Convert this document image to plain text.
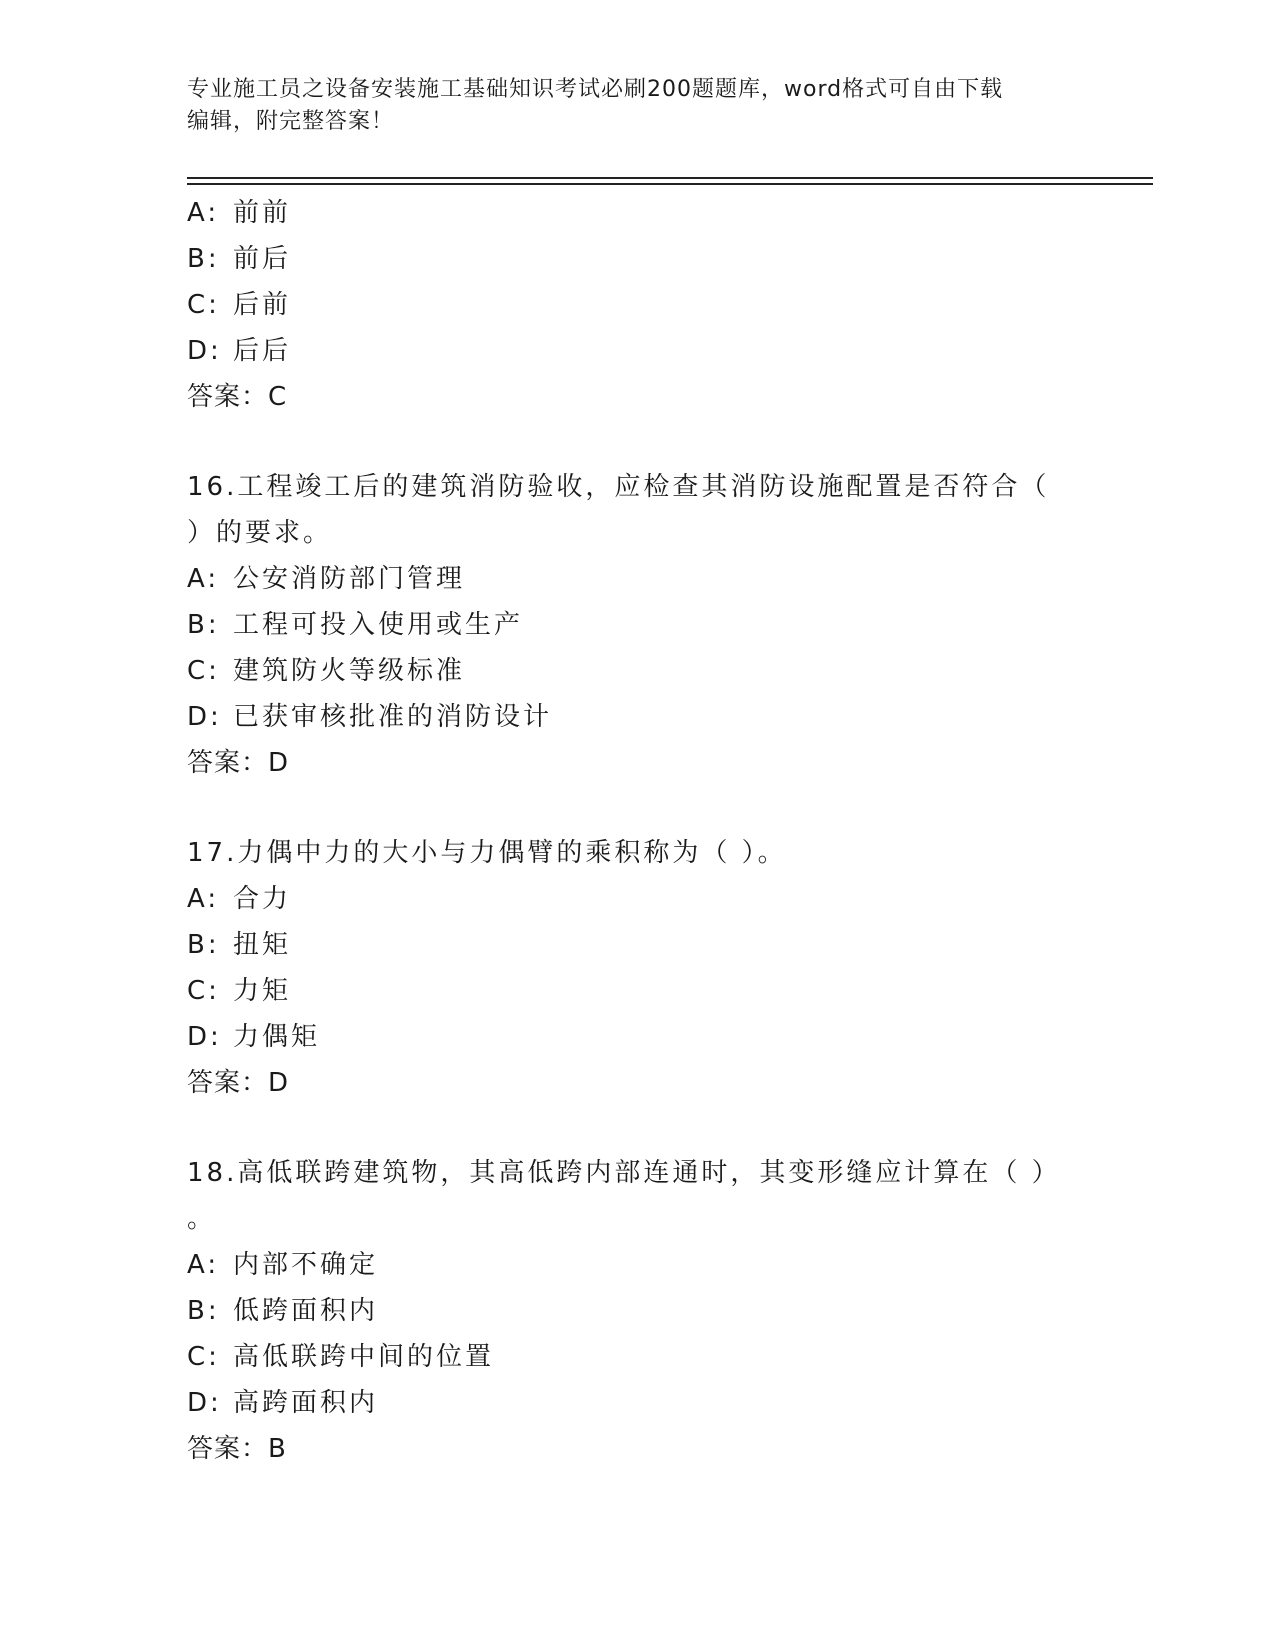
专业施工员之设备安装施工基础知识考试必刷200题题库，word格式可自由下载
编辑，附完整答案！
A: 前前
B: 前后
C: 后前
D: 后后
答案：C
16.工程竣工后的建筑消防验收，应检查其消防设施配置是否符合（
）的要求。
A: 公安消防部门管理
B: 工程可投入使用或生产
C: 建筑防火等级标准
D: 已获审核批准的消防设计
答案：D
17.力偶中力的大小与力偶臂的乘积称为（ ）。
A: 合力
B: 扭矩
C: 力矩
D: 力偶矩
答案：D
18.高低联跨建筑物，其高低跨内部连通时，其变形缝应计算在（ ）
。
A: 内部不确定
B: 低跨面积内
C: 高低联跨中间的位置
D: 高跨面积内
答案：B
